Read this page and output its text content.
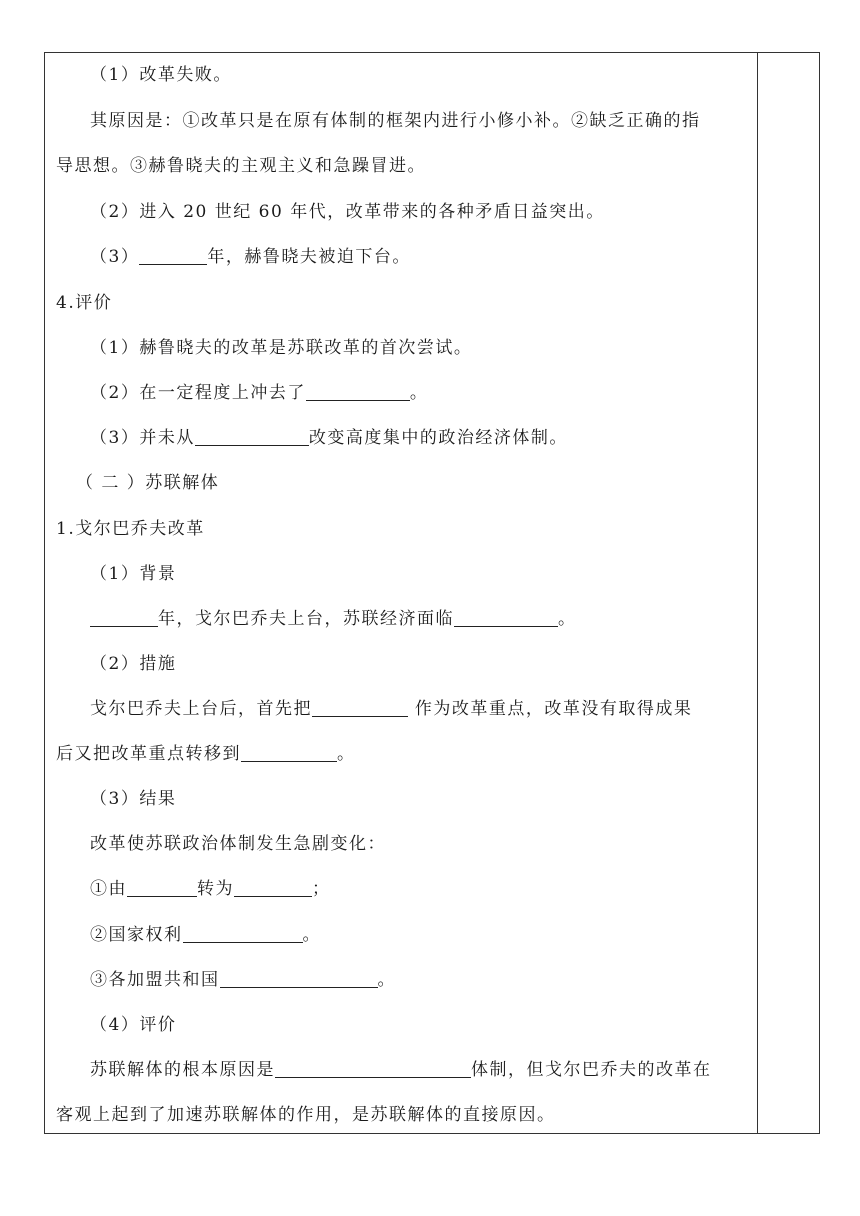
（1）改革失败。
其原因是：①改革只是在原有体制的框架内进行小修小补。②缺乏正确的指
导思想。③赫鲁晓夫的主观主义和急躁冒进。
（2）进入 20 世纪 60 年代，改革带来的各种矛盾日益突出。
（3）	年，赫鲁晓夫被迫下台。
4.评价
（1）赫鲁晓夫的改革是苏联改革的首次尝试。
（2）在一定程度上冲去了	。
（3）并未从	改变高度集中的政治经济体制。
（ 二 ）苏联解体
1.戈尔巴乔夫改革
（1）背景
年，戈尔巴乔夫上台，苏联经济面临	。
（2）措施
戈尔巴乔夫上台后，首先把	作为改革重点，改革没有取得成果
后又把改革重点转移到	。
（3）结果
改革使苏联政治体制发生急剧变化：
①由	转为	；
②国家权利	。
③各加盟共和国	。
（4）评价
苏联解体的根本原因是	体制，但戈尔巴乔夫的改革在
客观上起到了加速苏联解体的作用，是苏联解体的直接原因。
